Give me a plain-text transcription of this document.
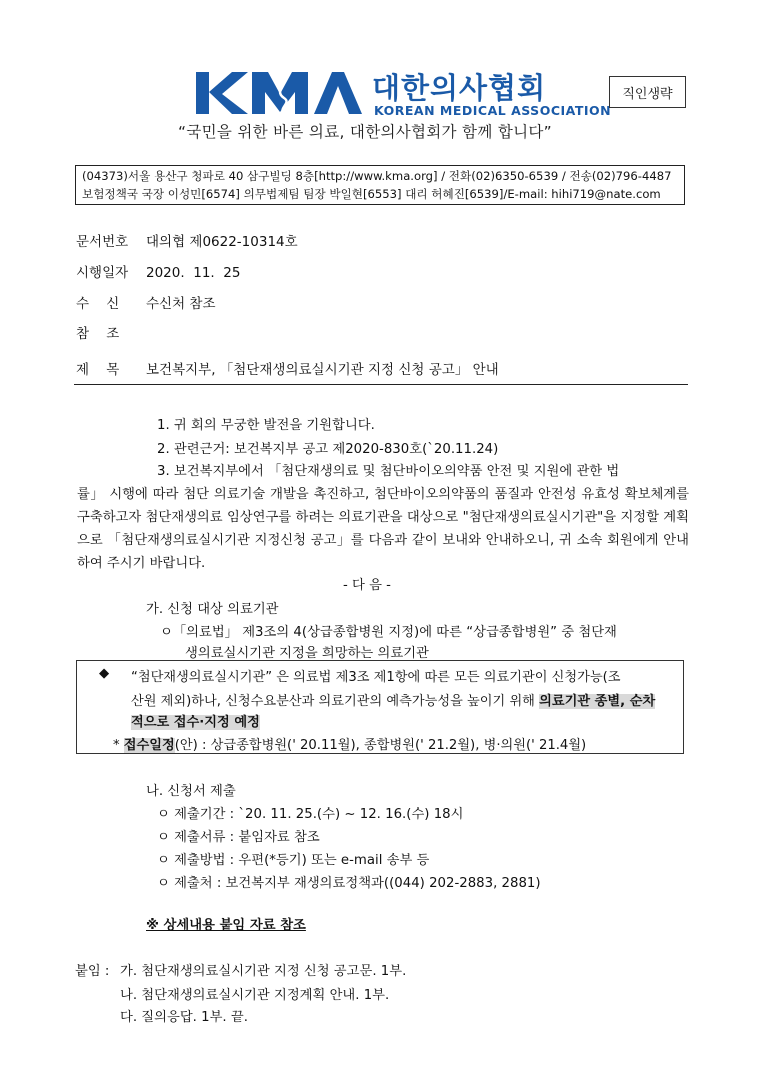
대한의사협회
KOREAN MEDICAL ASSOCIATION
직인생략
“국민을 위한 바른 의료, 대한의사협회가 함께 합니다”
(04373)서울 용산구 청파로 40 삼구빌딩 8층[http://www.kma.org] / 전화(02)6350-6539 / 전송(02)796-4487
보험정책국 국장 이성민[6574] 의무법제팀 팀장 박일현[6553] 대리 허혜진[6539]/E-mail: hihi719@nate.com
문서번호 대의협 제0622-10314호
시행일자 2020.  11.  25
수    신 수신처 참조
참    조
제    목 보건복지부, 「첨단재생의료실시기관 지정 신청 공고」 안내
1. 귀 회의 무궁한 발전을 기원합니다.
2. 관련근거: 보건복지부 공고 제2020-830호(`20.11.24)
3. 보건복지부에서 「첨단재생의료 및 첨단바이오의약품 안전 및 지원에 관한 법
률」 시행에 따라 첨단 의료기술 개발을 촉진하고, 첨단바이오의약품의 품질과 안전성 유효성 확보체계를 구축하고자 첨단재생의료 임상연구를 하려는 의료기관을 대상으로 "첨단재생의료실시기관"을 지정할 계획으로 「첨단재생의료실시기관 지정신청 공고」를 다음과 같이 보내와 안내하오니, 귀 소속 회원에게 안내하여 주시기 바랍니다.
- 다 음 -
가. 신청 대상 의료기관
ㅇ「의료법」 제3조의 4(상급종합병원 지정)에 따른 “상급종합병원” 중 첨단재
생의료실시기관 지정을 희망하는 의료기관
◆ “첨단재생의료실시기관” 은 의료법 제3조 제1항에 따른 모든 의료기관이 신청가능(조
산원 제외)하나, 신청수요분산과 의료기관의 예측가능성을 높이기 위해 의료기관 종별, 순차
적으로 접수·지정 예정
* 접수일정(안) : 상급종합병원(' 20.11월), 종합병원(' 21.2월), 병·의원(' 21.4월)
나. 신청서 제출
ㅇ 제출기간 : `20. 11. 25.(수) ~ 12. 16.(수) 18시
ㅇ 제출서류 : 붙임자료 참조
ㅇ 제출방법 : 우편(*등기) 또는 e-mail 송부 등
ㅇ 제출처 : 보건복지부 재생의료정책과((044) 202-2883, 2881)
※ 상세내용 붙임 자료 참조
붙임 : 가. 첨단재생의료실시기관 지정 신청 공고문. 1부.
나. 첨단재생의료실시기관 지정계획 안내. 1부.
다. 질의응답. 1부. 끝.
